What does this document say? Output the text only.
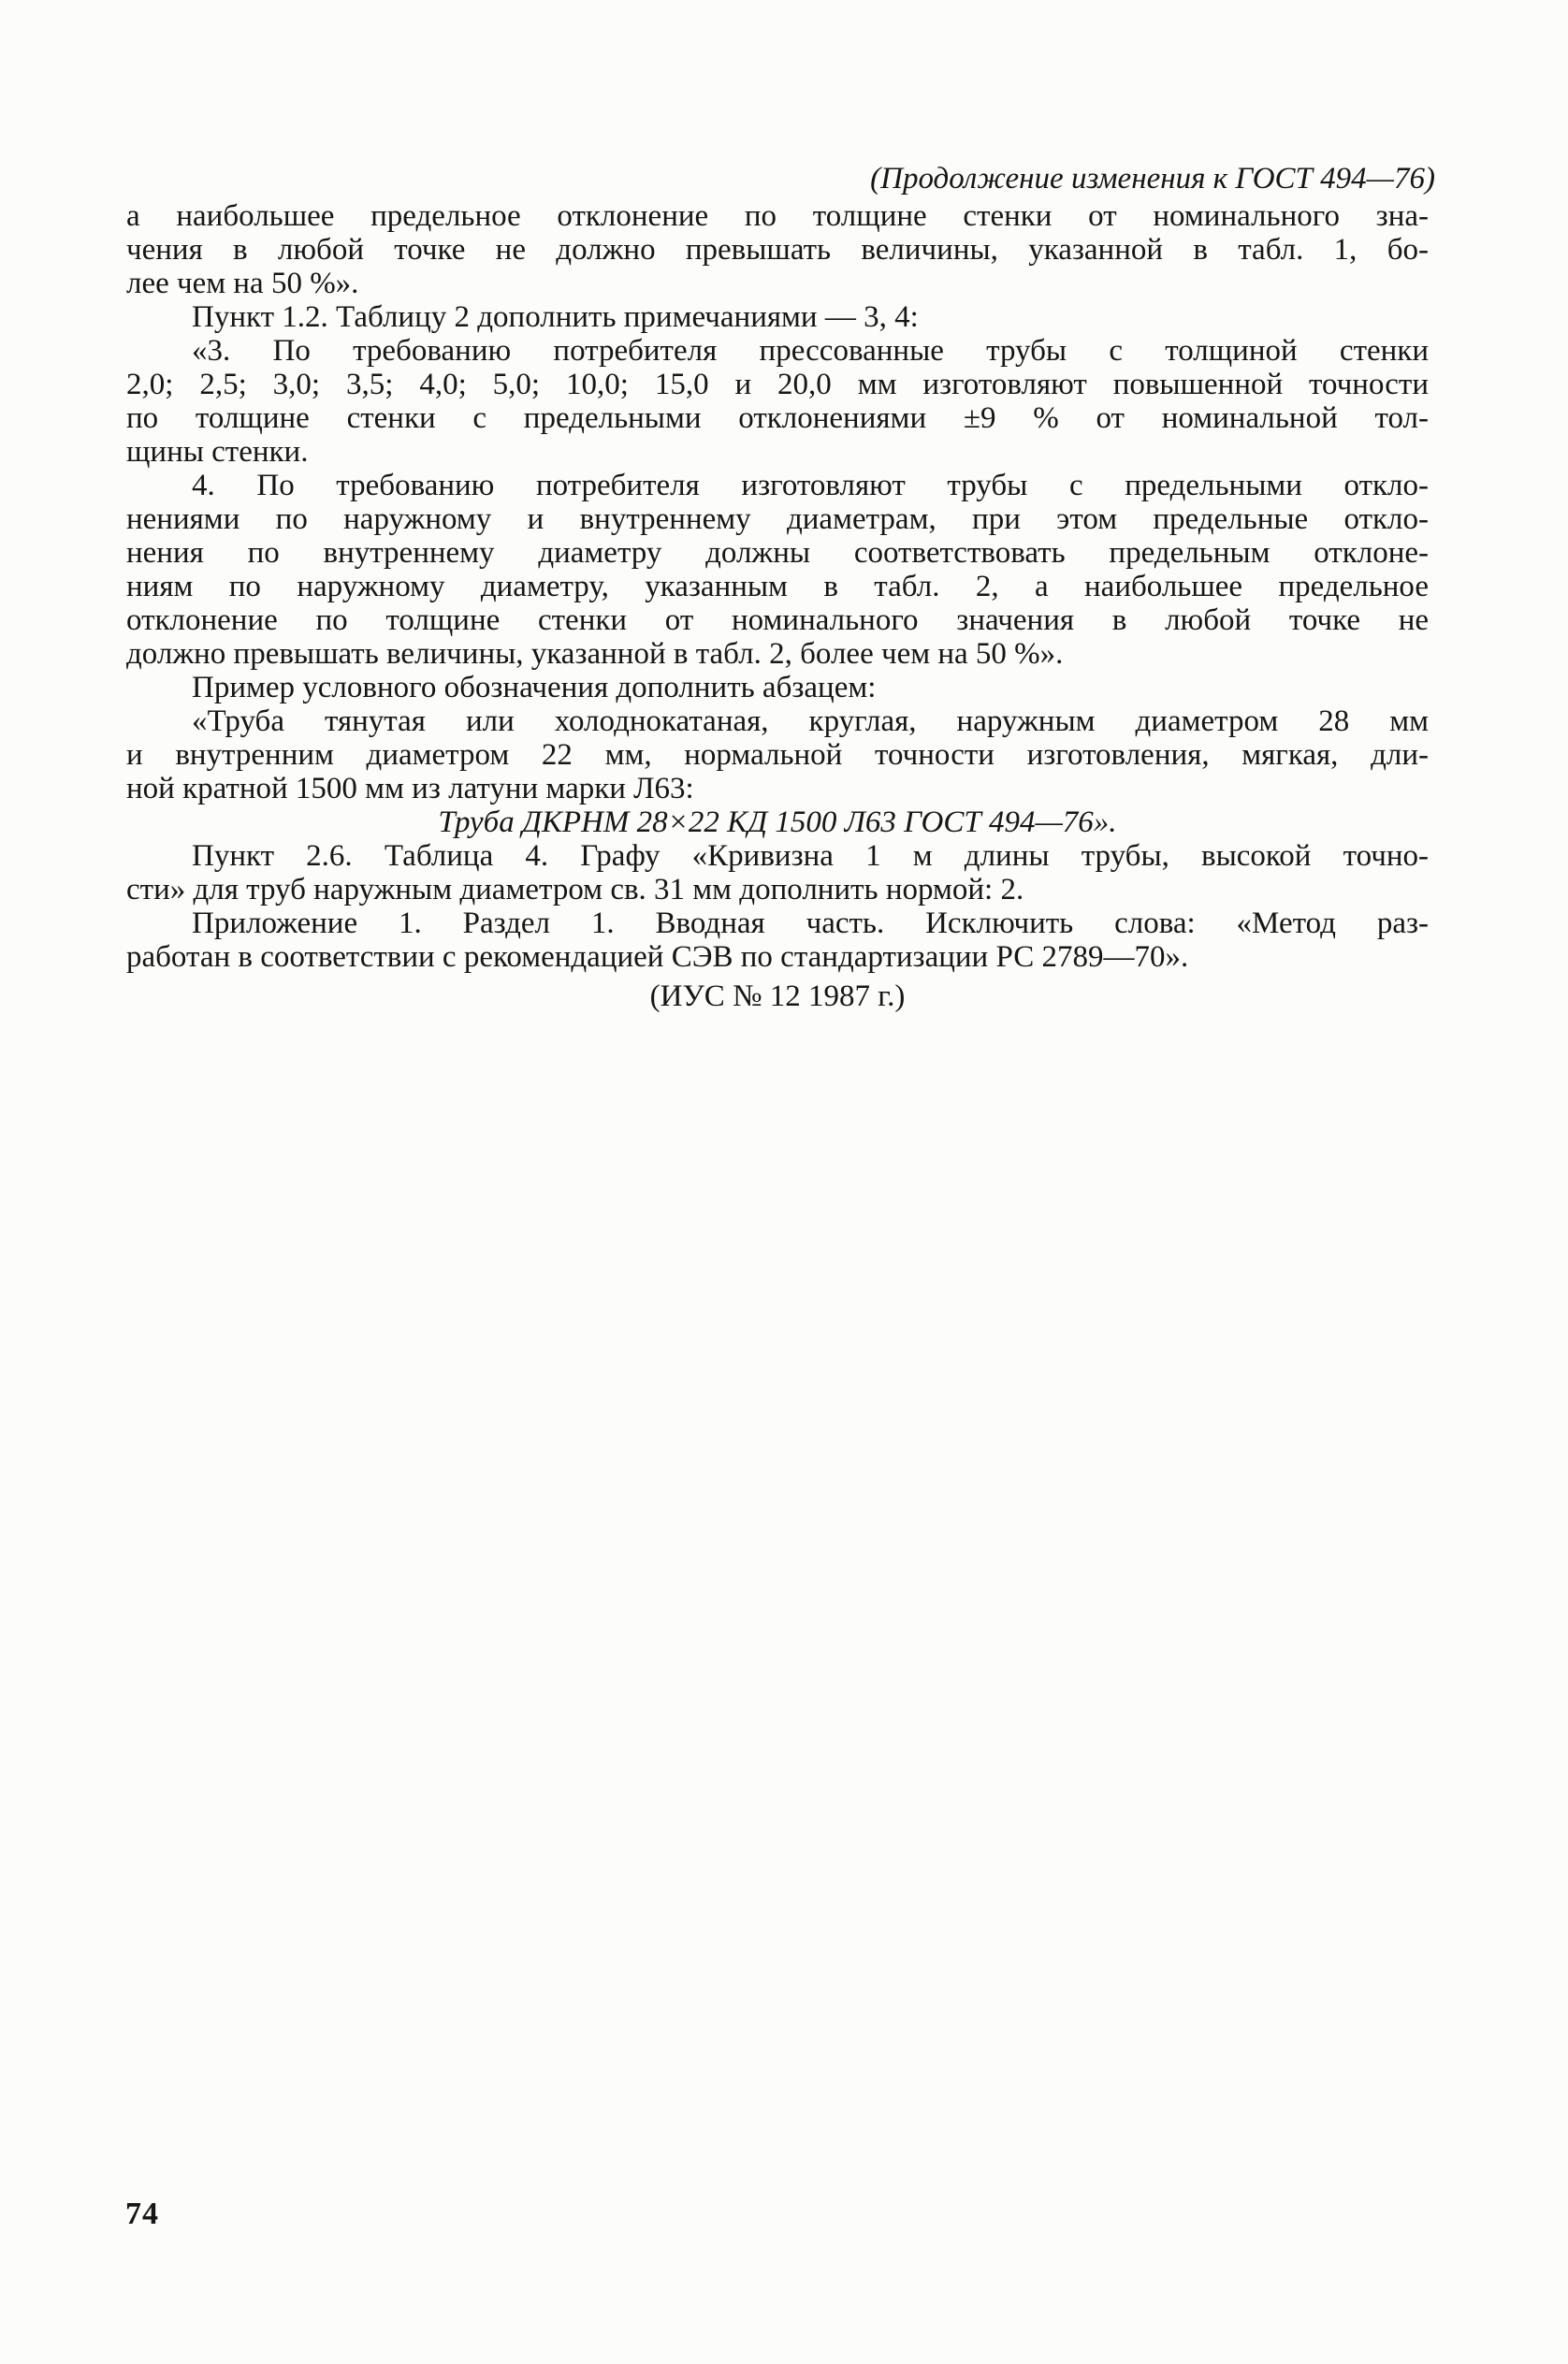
(Продолжение изменения к ГОСТ 494—76)
а наибольшее предельное отклонение по толщине стенки от номинального зна-
чения в любой точке не должно превышать величины, указанной в табл. 1, бо-
лее чем на 50 %».
Пункт 1.2. Таблицу 2 дополнить примечаниями — 3, 4:
«3. По требованию потребителя прессованные трубы с толщиной стенки
2,0; 2,5; 3,0; 3,5; 4,0; 5,0; 10,0; 15,0 и 20,0 мм изготовляют повышенной точности
по толщине стенки с предельными отклонениями ±9 % от номинальной тол-
щины стенки.
4. По требованию потребителя изготовляют трубы с предельными откло-
нениями по наружному и внутреннему диаметрам, при этом предельные откло-
нения по внутреннему диаметру должны соответствовать предельным отклоне-
ниям по наружному диаметру, указанным в табл. 2, а наибольшее предельное
отклонение по толщине стенки от номинального значения в любой точке не
должно превышать величины, указанной в табл. 2, более чем на 50 %».
Пример условного обозначения дополнить абзацем:
«Труба тянутая или холоднокатаная, круглая, наружным диаметром 28 мм
и внутренним диаметром 22 мм, нормальной точности изготовления, мягкая, дли-
ной кратной 1500 мм из латуни марки Л63:
Труба ДКРНМ 28×22 КД 1500 Л63 ГОСТ 494—76».
Пункт 2.6. Таблица 4. Графу «Кривизна 1 м длины трубы, высокой точно-
сти» для труб наружным диаметром св. 31 мм дополнить нормой: 2.
Приложение 1. Раздел 1. Вводная часть. Исключить слова: «Метод раз-
работан в соответствии с рекомендацией СЭВ по стандартизации РС 2789—70».
(ИУС № 12 1987 г.)
74
